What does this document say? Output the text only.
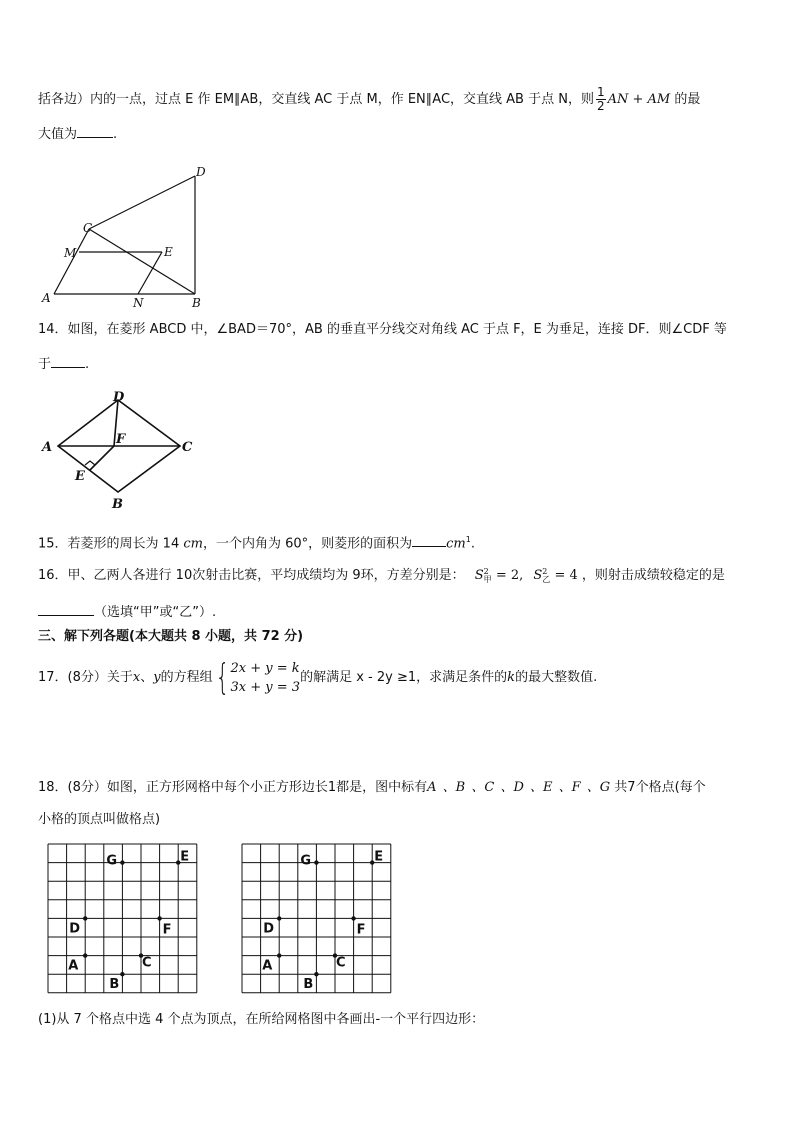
括各边）内的一点，过点 E 作 EM∥AB，交直线 AC 于点 M，作 EN∥AC，交直线 AB 于点 N，则 $\frac{1}{2}$ AN + AM 的最
大值为	.
A	B
C
D
M	E
N
14．如图，在菱形 ABCD 中，∠BAD＝70°，AB 的垂直平分线交对角线 AC 于点 F，E 为垂足，连接 DF．则∠CDF 等
于	.
A
B
C
D
E
F
15．若菱形的周长为 14 cm，一个内角为 60°，则菱形的面积为	$cm^1$.
16．甲、乙两人各进行 10次射击比赛，平均成绩均为 9环，方差分别是： S 2
甲 = 2, S 2
乙 = 4 ，则射击成绩较稳定的是
（选填“甲”或“乙”）.
三、解下列各题(本大题共 8 小题，共 72 分)
17．(8分）关于x、y的方程组{ 2x + y = k
3x + y = 3
的解满足 x - 2y ≥1，求满足条件的k的最大整数值.
18．(8分）如图，正方形网格中每个小正方形边长1都是，图中标有A 、B 、C 、D 、E 、F 、G 共7个格点(每个
小格的顶点叫做格点)
G	E
D	F
A	C
B
G	E
D	F
A	C
B
(1)从 7 个格点中选 4 个点为顶点，在所给网格图中各画出-一个平行四边形：
